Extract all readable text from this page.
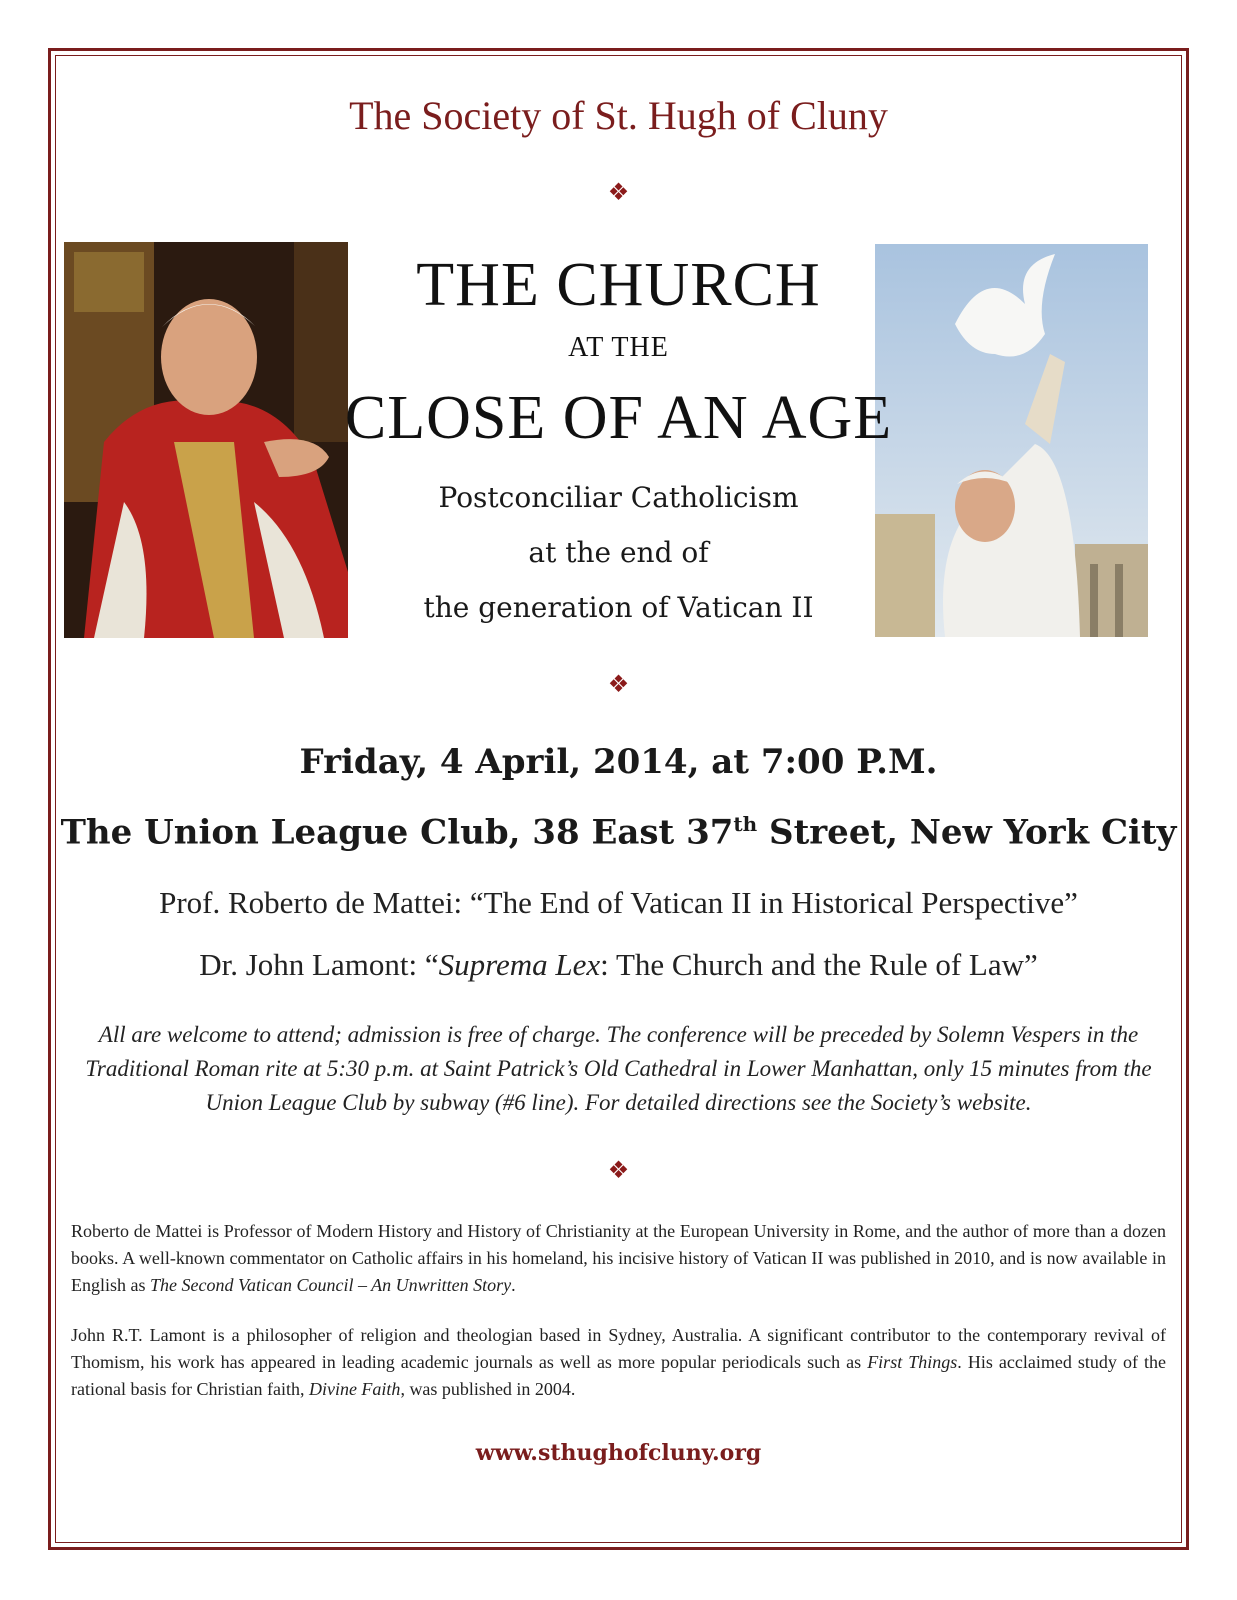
The Society of St. Hugh of Cluny
❖
THE CHURCH
AT THE
CLOSE OF AN AGE
Postconciliar Catholicism
at the end of
the generation of Vatican II
❖
Friday, 4 April, 2014, at 7:00 P.M.
The Union League Club, 38 East 37th Street, New York City
Prof. Roberto de Mattei: “The End of Vatican II in Historical Perspective”
Dr. John Lamont: “Suprema Lex: The Church and the Rule of Law”
All are welcome to attend; admission is free of charge. The conference will be preceded by Solemn Vespers in the Traditional Roman rite at 5:30 p.m. at Saint Patrick’s Old Cathedral in Lower Manhattan, only 15 minutes from the Union League Club by subway (#6 line). For detailed directions see the Society’s website.
❖
Roberto de Mattei is Professor of Modern History and History of Christianity at the European University in Rome, and the author of more than a dozen books. A well-known commentator on Catholic affairs in his homeland, his incisive history of Vatican II was published in 2010, and is now available in English as The Second Vatican Council – An Unwritten Story.
John R.T. Lamont is a philosopher of religion and theologian based in Sydney, Australia. A significant contributor to the contemporary revival of Thomism, his work has appeared in leading academic journals as well as more popular periodicals such as First Things. His acclaimed study of the rational basis for Christian faith, Divine Faith, was published in 2004.
www.sthughofcluny.org
